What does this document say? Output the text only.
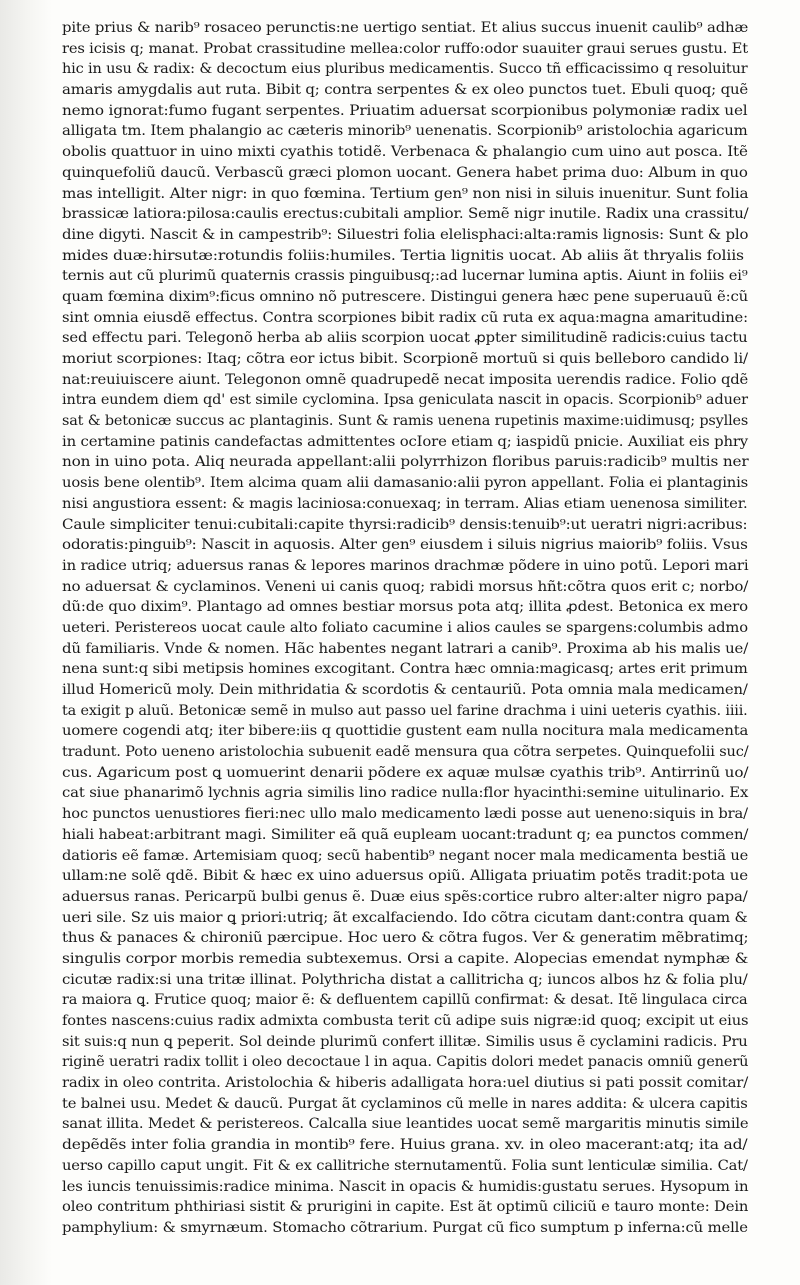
pite prius & narib⁹ rosaceo perunctis:ne uertigo sentiat. Et alius succus inuenit caulib⁹ adhæ
res icisis q; manat. Probat crassitudine mellea:color ruffo:odor suauiter graui serues gustu. Et
hic in usu & radix: & decoctum eius pluribus medicamentis. Succo tñ efficacissimo q resoluitur
amaris amygdalis aut ruta. Bibit q; contra serpentes & ex oleo punctos tuet. Ebuli quoq; quẽ
nemo ignorat:fumo fugant serpentes. Priuatim aduersat scorpionibus polymoniæ radix uel
alligata tm. Item phalangio ac cæteris minorib⁹ uenenatis. Scorpionib⁹ aristolochia agaricum
obolis quattuor in uino mixti cyathis totidẽ. Verbenaca & phalangio cum uino aut posca. Itẽ
quinquefoliũ daucũ. Verbascũ græci plomon uocant. Genera habet prima duo: Album in quo
mas intelligit. Alter nigr: in quo fœmina. Tertium gen⁹ non nisi in siluis inuenitur. Sunt folia
brassicæ latiora:pilosa:caulis erectus:cubitali amplior. Semẽ nigr inutile. Radix una crassitu/
dine digyti. Nascit & in campestrib⁹: Siluestri folia elelisphaci:alta:ramis lignosis: Sunt & plo
mides duæ:hirsutæ:rotundis foliis:humiles. Tertia lignitis uocat. Ab aliis ãt thryalis foliis
ternis aut cũ plurimũ quaternis crassis pinguibusq;:ad lucernar lumina aptis. Aiunt in foliis ei⁹
quam fœmina dixim⁹:ficus omnino nõ putrescere. Distingui genera hæc pene superuauũ ẽ:cũ
sint omnia eiusdẽ effectus. Contra scorpiones bibit radix cũ ruta ex aqua:magna amaritudine:
sed effectu pari. Telegonõ herba ab aliis scorpion uocat ꝓpter similitudinẽ radicis:cuius tactu
moriut scorpiones: Itaq; cõtra eor ictus bibit. Scorpionẽ mortuũ si quis belleboro candido li/
nat:reuiuiscere aiunt. Telegonon omnẽ quadrupedẽ necat imposita uerendis radice. Folio qdẽ
intra eundem diem qd' est simile cyclomina. Ipsa geniculata nascit in opacis. Scorpionib⁹ aduer
sat & betonicæ succus ac plantaginis. Sunt & ramis uenena rupetinis maxime:uidimusq; psylles
in certamine patinis candefactas admittentes ocIore etiam q; iaspidũ pnicie. Auxiliat eis phry
non in uino pota. Aliq neurada appellant:alii polyrrhizon floribus paruis:radicib⁹ multis ner
uosis bene olentib⁹. Item alcima quam alii damasanio:alii pyron appellant. Folia ei plantaginis
nisi angustiora essent: & magis laciniosa:conuexaq; in terram. Alias etiam uenenosa similiter.
Caule simpliciter tenui:cubitali:capite thyrsi:radicib⁹ densis:tenuib⁹:ut ueratri nigri:acribus:
odoratis:pinguib⁹: Nascit in aquosis. Alter gen⁹ eiusdem i siluis nigrius maiorib⁹ foliis. Vsus
in radice utriq; aduersus ranas & lepores marinos drachmæ põdere in uino potũ. Lepori mari
no aduersat & cyclaminos. Veneni ui canis quoq; rabidi morsus hñt:cõtra quos erit c; norbo/
dũ:de quo dixim⁹. Plantago ad omnes bestiar morsus pota atq; illita ꝓdest. Betonica ex mero
ueteri. Peristereos uocat caule alto foliato cacumine i alios caules se spargens:columbis admo
dũ familiaris. Vnde & nomen. Hãc habentes negant latrari a canib⁹. Proxima ab his malis ue/
nena sunt:q sibi metipsis homines excogitant. Contra hæc omnia:magicasq; artes erit primum
illud Homericũ moly. Dein mithridatia & scordotis & centauriũ. Pota omnia mala medicamen/
ta exigit p aluũ. Betonicæ semẽ in mulso aut passo uel farine drachma i uini ueteris cyathis. iiii.
uomere cogendi atq; iter bibere:iis q quottidie gustent eam nulla nocitura mala medicamenta
tradunt. Poto ueneno aristolochia subuenit eadẽ mensura qua cõtra serpetes. Quinquefolii suc/
cus. Agaricum post ꝗ uomuerint denarii põdere ex aquæ mulsæ cyathis trib⁹. Antirrinũ uo/
cat siue phanarimõ lychnis agria similis lino radice nulla:flor hyacinthi:semine uitulinario. Ex
hoc punctos uenustiores fieri:nec ullo malo medicamento lædi posse aut ueneno:siquis in bra/
hiali habeat:arbitrant magi. Similiter eã quã eupleam uocant:tradunt q; ea punctos commen/
datioris eẽ famæ. Artemisiam quoq; secũ habentib⁹ negant nocer mala medicamenta bestiã ue
ullam:ne solẽ qdẽ. Bibit & hæc ex uino aduersus opiũ. Alligata priuatim potẽs tradit:pota ue
aduersus ranas. Pericarpũ bulbi genus ẽ. Duæ eius spẽs:cortice rubro alter:alter nigro papa/
ueri sile. Sz uis maior ꝗ priori:utriq; ãt excalfaciendo. Ido cõtra cicutam dant:contra quam &
thus & panaces & chironiũ pærcipue. Hoc uero & cõtra fugos. Ver & generatim mẽbratimq;
singulis corpor morbis remedia subtexemus. Orsi a capite. Alopecias emendat nymphæ &
cicutæ radix:si una tritæ illinat. Polythricha distat a callitricha q; iuncos albos hz & folia plu/
ra maiora ꝗ. Frutice quoq; maior ẽ: & defluentem capillũ confirmat: & desat. Itẽ lingulaca circa
fontes nascens:cuius radix admixta combusta terit cũ adipe suis nigræ:id quoq; excipit ut eius
sit suis:q nun ꝗ peperit. Sol deinde plurimũ confert illitæ. Similis usus ẽ cyclamini radicis. Pru
riginẽ ueratri radix tollit i oleo decoctaue l in aqua. Capitis dolori medet panacis omniũ generũ
radix in oleo contrita. Aristolochia & hiberis adalligata hora:uel diutius si pati possit comitar/
te balnei usu. Medet & daucũ. Purgat ãt cyclaminos cũ melle in nares addita: & ulcera capitis
sanat illita. Medet & peristereos. Calcalla siue leantides uocat semẽ margaritis minutis simile
depẽdẽs inter folia grandia in montib⁹ fere. Huius grana. xv. in oleo macerant:atq; ita ad/
uerso capillo caput ungit. Fit & ex callitriche sternutamentũ. Folia sunt lenticulæ similia. Cat/
les iuncis tenuissimis:radice minima. Nascit in opacis & humidis:gustatu serues. Hysopum in
oleo contritum phthiriasi sistit & prurigini in capite. Est ãt optimũ ciliciũ e tauro monte: Dein
pamphylium: & smyrnæum. Stomacho cõtrarium. Purgat cũ fico sumptum p inferna:cũ melle
